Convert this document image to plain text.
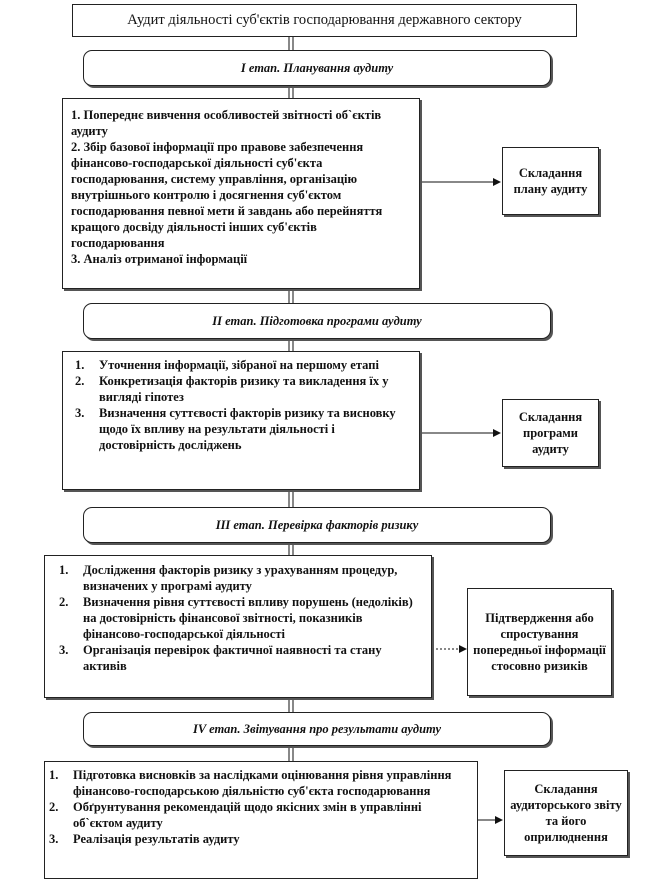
Аудит діяльності суб'єктів господарювання державного сектору
І етап. Планування аудиту
1. Попереднє вивчення особливостей звітності об`єктів аудиту
2. Збір базової інформації про правове забезпечення фінансово-господарської діяльності суб'єкта господарювання, систему управління, організацію внутрішнього контролю і досягнення суб'єктом господарювання певної мети й завдань або перейняття кращого досвіду діяльності інших суб'єктів господарювання
3. Аналіз отриманої інформації
Складання плану аудиту
ІІ етап. Підготовка програми аудиту
1. Уточнення інформації, зібраної на першому етапі
2. Конкретизація факторів ризику та викладення їх у вигляді гіпотез
3. Визначення суттєвості факторів ризику та висновку щодо їх впливу на результати діяльності і достовірність досліджень
Складання програми аудиту
ІІІ етап. Перевірка факторів ризику
1. Дослідження факторів ризику з урахуванням процедур, визначених у програмі аудиту
2. Визначення рівня суттєвості впливу порушень (недоліків) на достовірність фінансової звітності, показників фінансово-господарської діяльності
3. Організація перевірок фактичної наявності та стану активів
Підтвердження або спростування попередньої інформації стосовно ризиків
ІV етап. Звітування про результати аудиту
1. Підготовка висновків за наслідками оцінювання рівня управління фінансово-господарською діяльністю суб'єкта господарювання
2. Обґрунтування рекомендацій щодо якісних змін в управлінні об`єктом аудиту
3. Реалізація результатів аудиту
Складання аудиторського звіту та його оприлюднення
